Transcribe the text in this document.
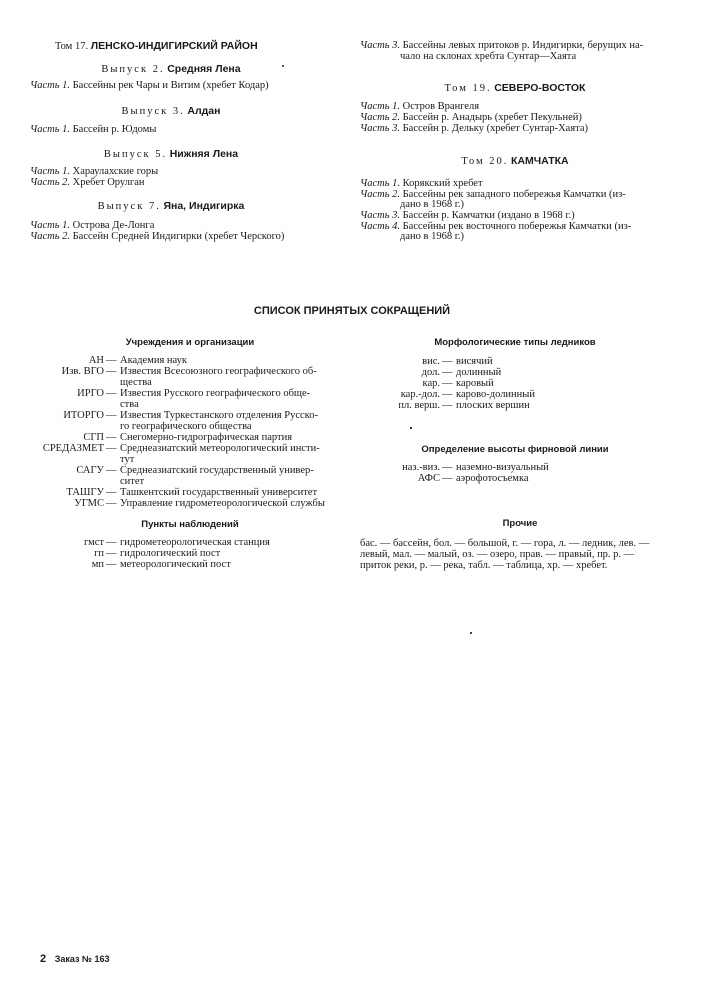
Том 17. ЛЕНСКО-ИНДИГИРСКИЙ РАЙОН
Выпуск 2. Средняя Лена
Часть 1. Бассейны рек Чары и Витим (хребет Кодар)
Выпуск 3. Алдан
Часть 1. Бассейн р. Юдомы
Выпуск 5. Нижняя Лена
Часть 1. Хараулахские горы
Часть 2. Хребет Орулган
Выпуск 7. Яна, Индигирка
Часть 1. Острова Де-Лонга
Часть 2. Бассейн Средней Индигирки (хребет Черского)
Часть 3. Бассейны левых притоков р. Индигирки, берущих на-
чало на склонах хребта Сунтар—Хаята
Том 19. СЕВЕРО-ВОСТОК
Часть 1. Остров Врангеля
Часть 2. Бассейн р. Анадырь (хребет Пекульней)
Часть 3. Бассейн р. Дельку (хребет Сунтар-Хаята)
Том 20. КАМЧАТКА
Часть 1. Корякский хребет
Часть 2. Бассейны рек западного побережья Камчатки (из-
дано в 1968 г.)
Часть 3. Бассейн р. Камчатки (издано в 1968 г.)
Часть 4. Бассейны рек восточного побережья Камчатки (из-
дано в 1968 г.)
СПИСОК ПРИНЯТЫХ СОКРАЩЕНИЙ
Учреждения и организации
АН — Академия наук
Изв. ВГО — Известия Всесоюзного географического об-
щества
ИРГО — Известия Русского географического обще-
ства
ИТОРГО — Известия Туркестанского отделения Русско-
го географического общества
СГП — Снегомерно-гидрографическая партия
СРЕДАЗМЕТ — Среднеазиатский метеорологический инсти-
тут
САГУ — Среднеазиатский государственный универ-
ситет
ТАШГУ — Ташкентский государственный университет
УГМС — Управление гидрометеорологической службы
Пункты наблюдений
гмст — гидрометеорологическая станция
гп — гидрологический пост
мп — метеорологический пост
Морфологические типы ледников
вис. — висячий
дол. — долинный
кар. — каровый
кар.-дол. — карово-долинный
пл. верш. — плоских вершин
Определение высоты фирновой линии
наз.-виз. — наземно-визуальный
АФС — аэрофотосъемка
Прочие
бас. — бассейн, бол. — большой, г. — гора, л. — ледник, лев. —
левый, мал. — малый, оз. — озеро, прав. — правый, пр. р. —
приток реки, р. — река, табл. — таблица, хр. — хребет.
2 Заказ № 163
